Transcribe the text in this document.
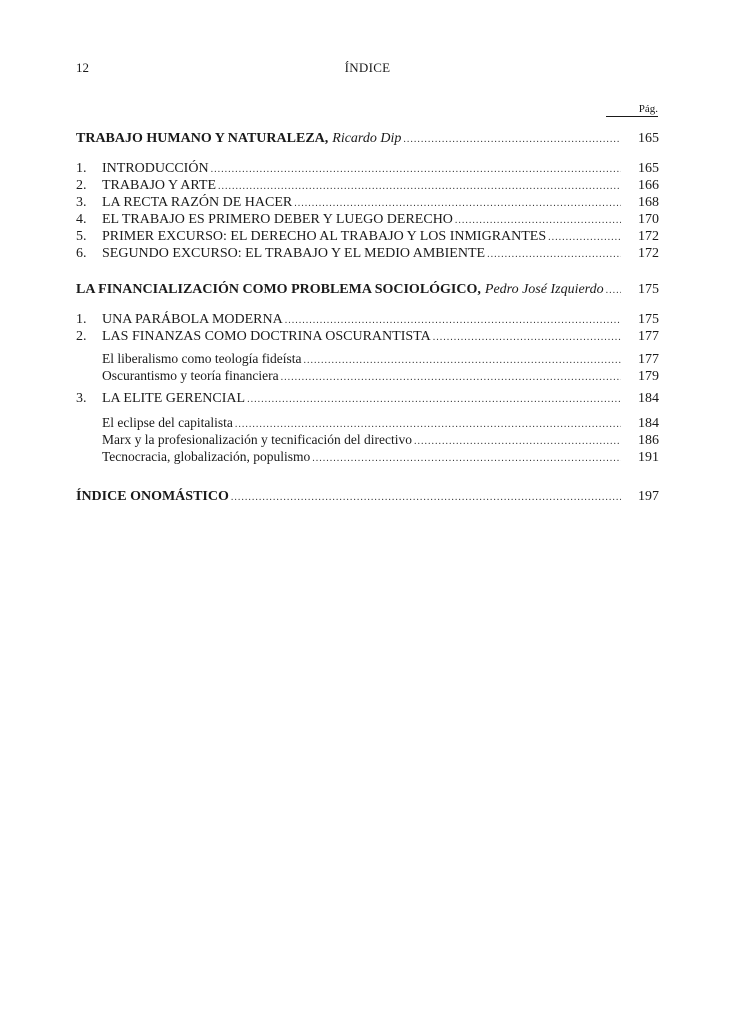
12	ÍNDICE
Pág.
TRABAJO HUMANO Y NATURALEZA, Ricardo Dip .....	165
1.	INTRODUCCIÓN .....	165
2.	TRABAJO Y ARTE .....	166
3.	LA RECTA RAZÓN DE HACER .....	168
4.	EL TRABAJO ES PRIMERO DEBER Y LUEGO DERECHO .....	170
5.	PRIMER EXCURSO: EL DERECHO AL TRABAJO Y LOS INMIGRANTES .....	172
6.	SEGUNDO EXCURSO: EL TRABAJO Y EL MEDIO AMBIENTE .....	172
LA FINANCIALIZACIÓN COMO PROBLEMA SOCIOLÓGICO, Pedro José Izquierdo .....	175
1.	UNA PARÁBOLA MODERNA .....	175
2.	LAS FINANZAS COMO DOCTRINA OSCURANTISTA .....	177
El liberalismo como teología fideísta .....	177
Oscurantismo y teoría financiera .....	179
3.	LA ELITE GERENCIAL .....	184
El eclipse del capitalista .....	184
Marx y la profesionalización y tecnificación del directivo .....	186
Tecnocracia, globalización, populismo .....	191
ÍNDICE ONOMÁSTICO .....	197
